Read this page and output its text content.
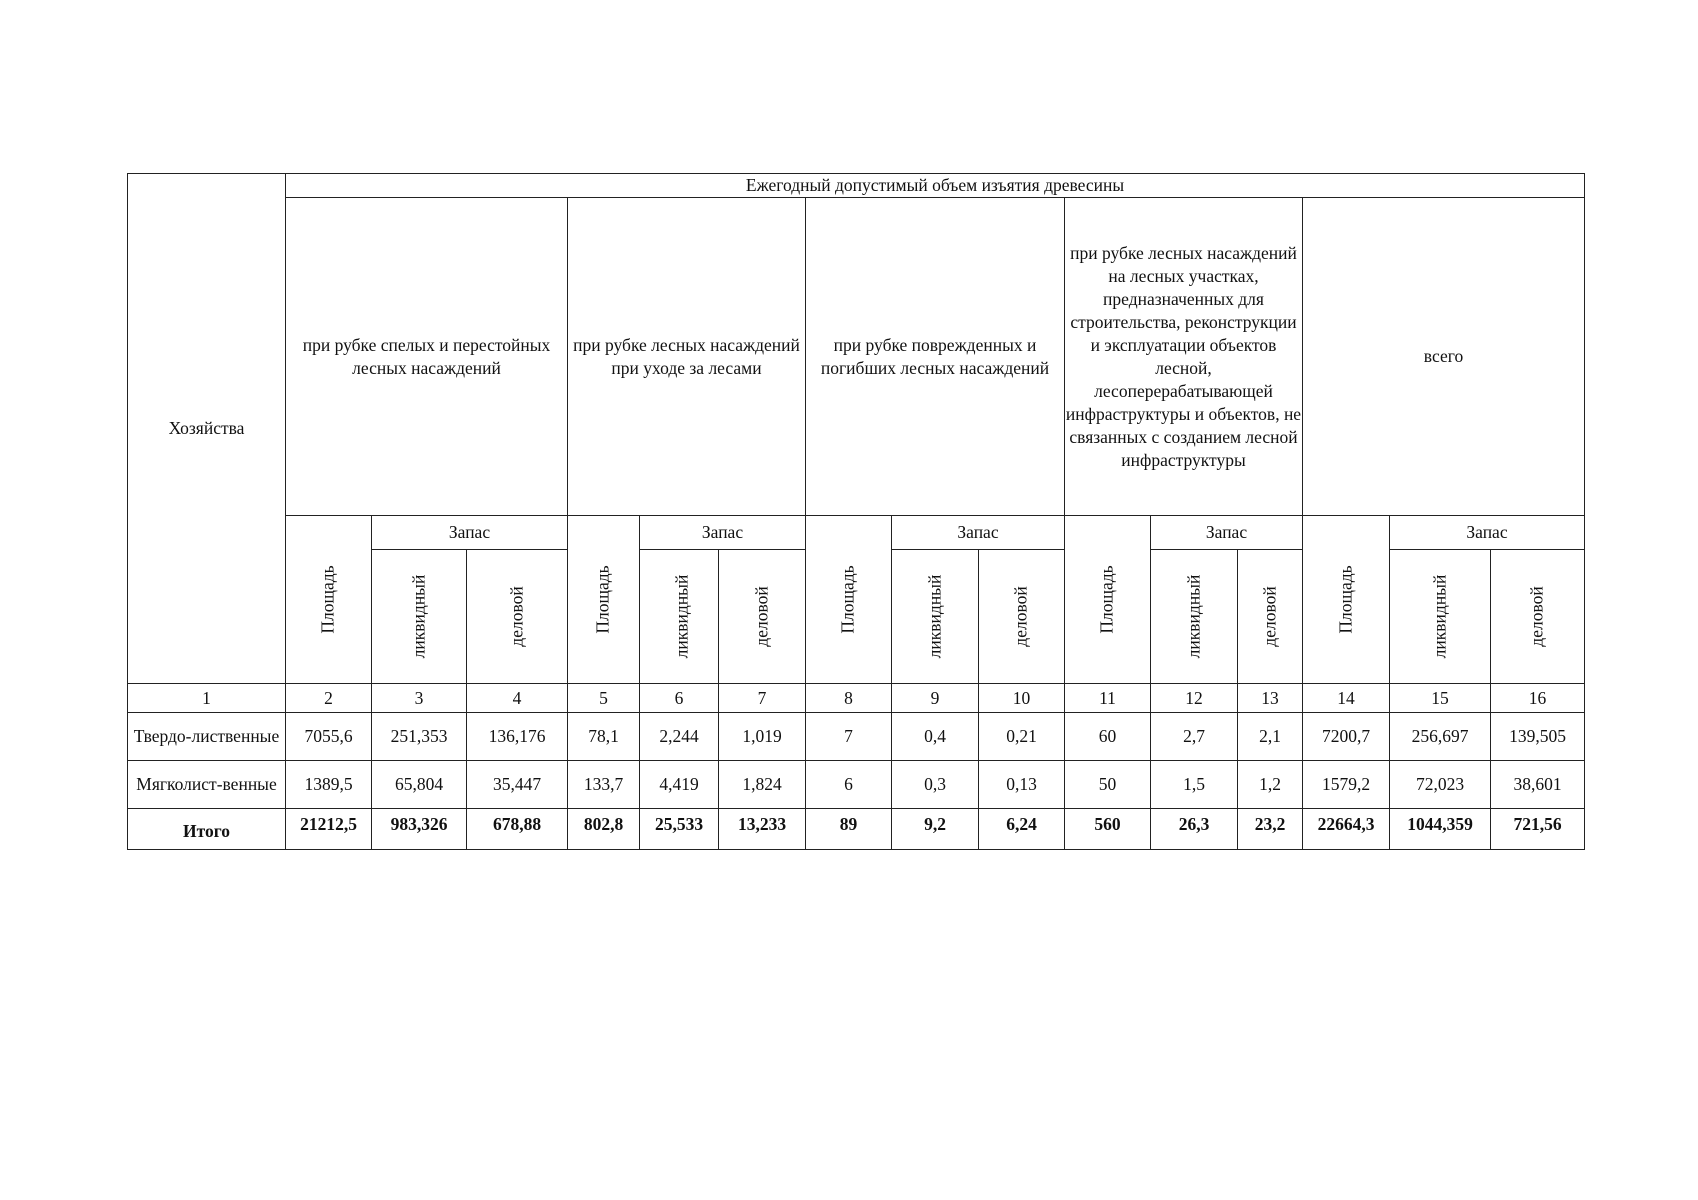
Хозяйства	Ежегодный допустимый объем изъятия древесины														
	при рубке спелых и перестойных лесных насаждений			при рубке лесных насаждений при уходе за лесами			при рубке поврежденных и погибших лесных насаждений			при рубке лесных насаждений на лесных участках, предназначенных для строительства, реконструкции и эксплуатации объектов лесной, лесоперерабатывающей инфраструктуры и объектов, не связанных с созданием лесной инфраструктуры			всего		
	Площадь	Запас		Площадь	Запас		Площадь	Запас		Площадь	Запас		Площадь	Запас	
		ликвидный	деловой		ликвидный	деловой		ликвидный	деловой		ликвидный	деловой		ликвидный	деловой
1	2	3	4	5	6	7	8	9	10	11	12	13	14	15	16
Твердо-лиственные	7055,6	251,353	136,176	78,1	2,244	1,019	7	0,4	0,21	60	2,7	2,1	7200,7	256,697	139,505
Мягколист-венные	1389,5	65,804	35,447	133,7	4,419	1,824	6	0,3	0,13	50	1,5	1,2	1579,2	72,023	38,601
Итого	21212,5	983,326	678,88	802,8	25,533	13,233	89	9,2	6,24	560	26,3	23,2	22664,3	1044,359	721,56
